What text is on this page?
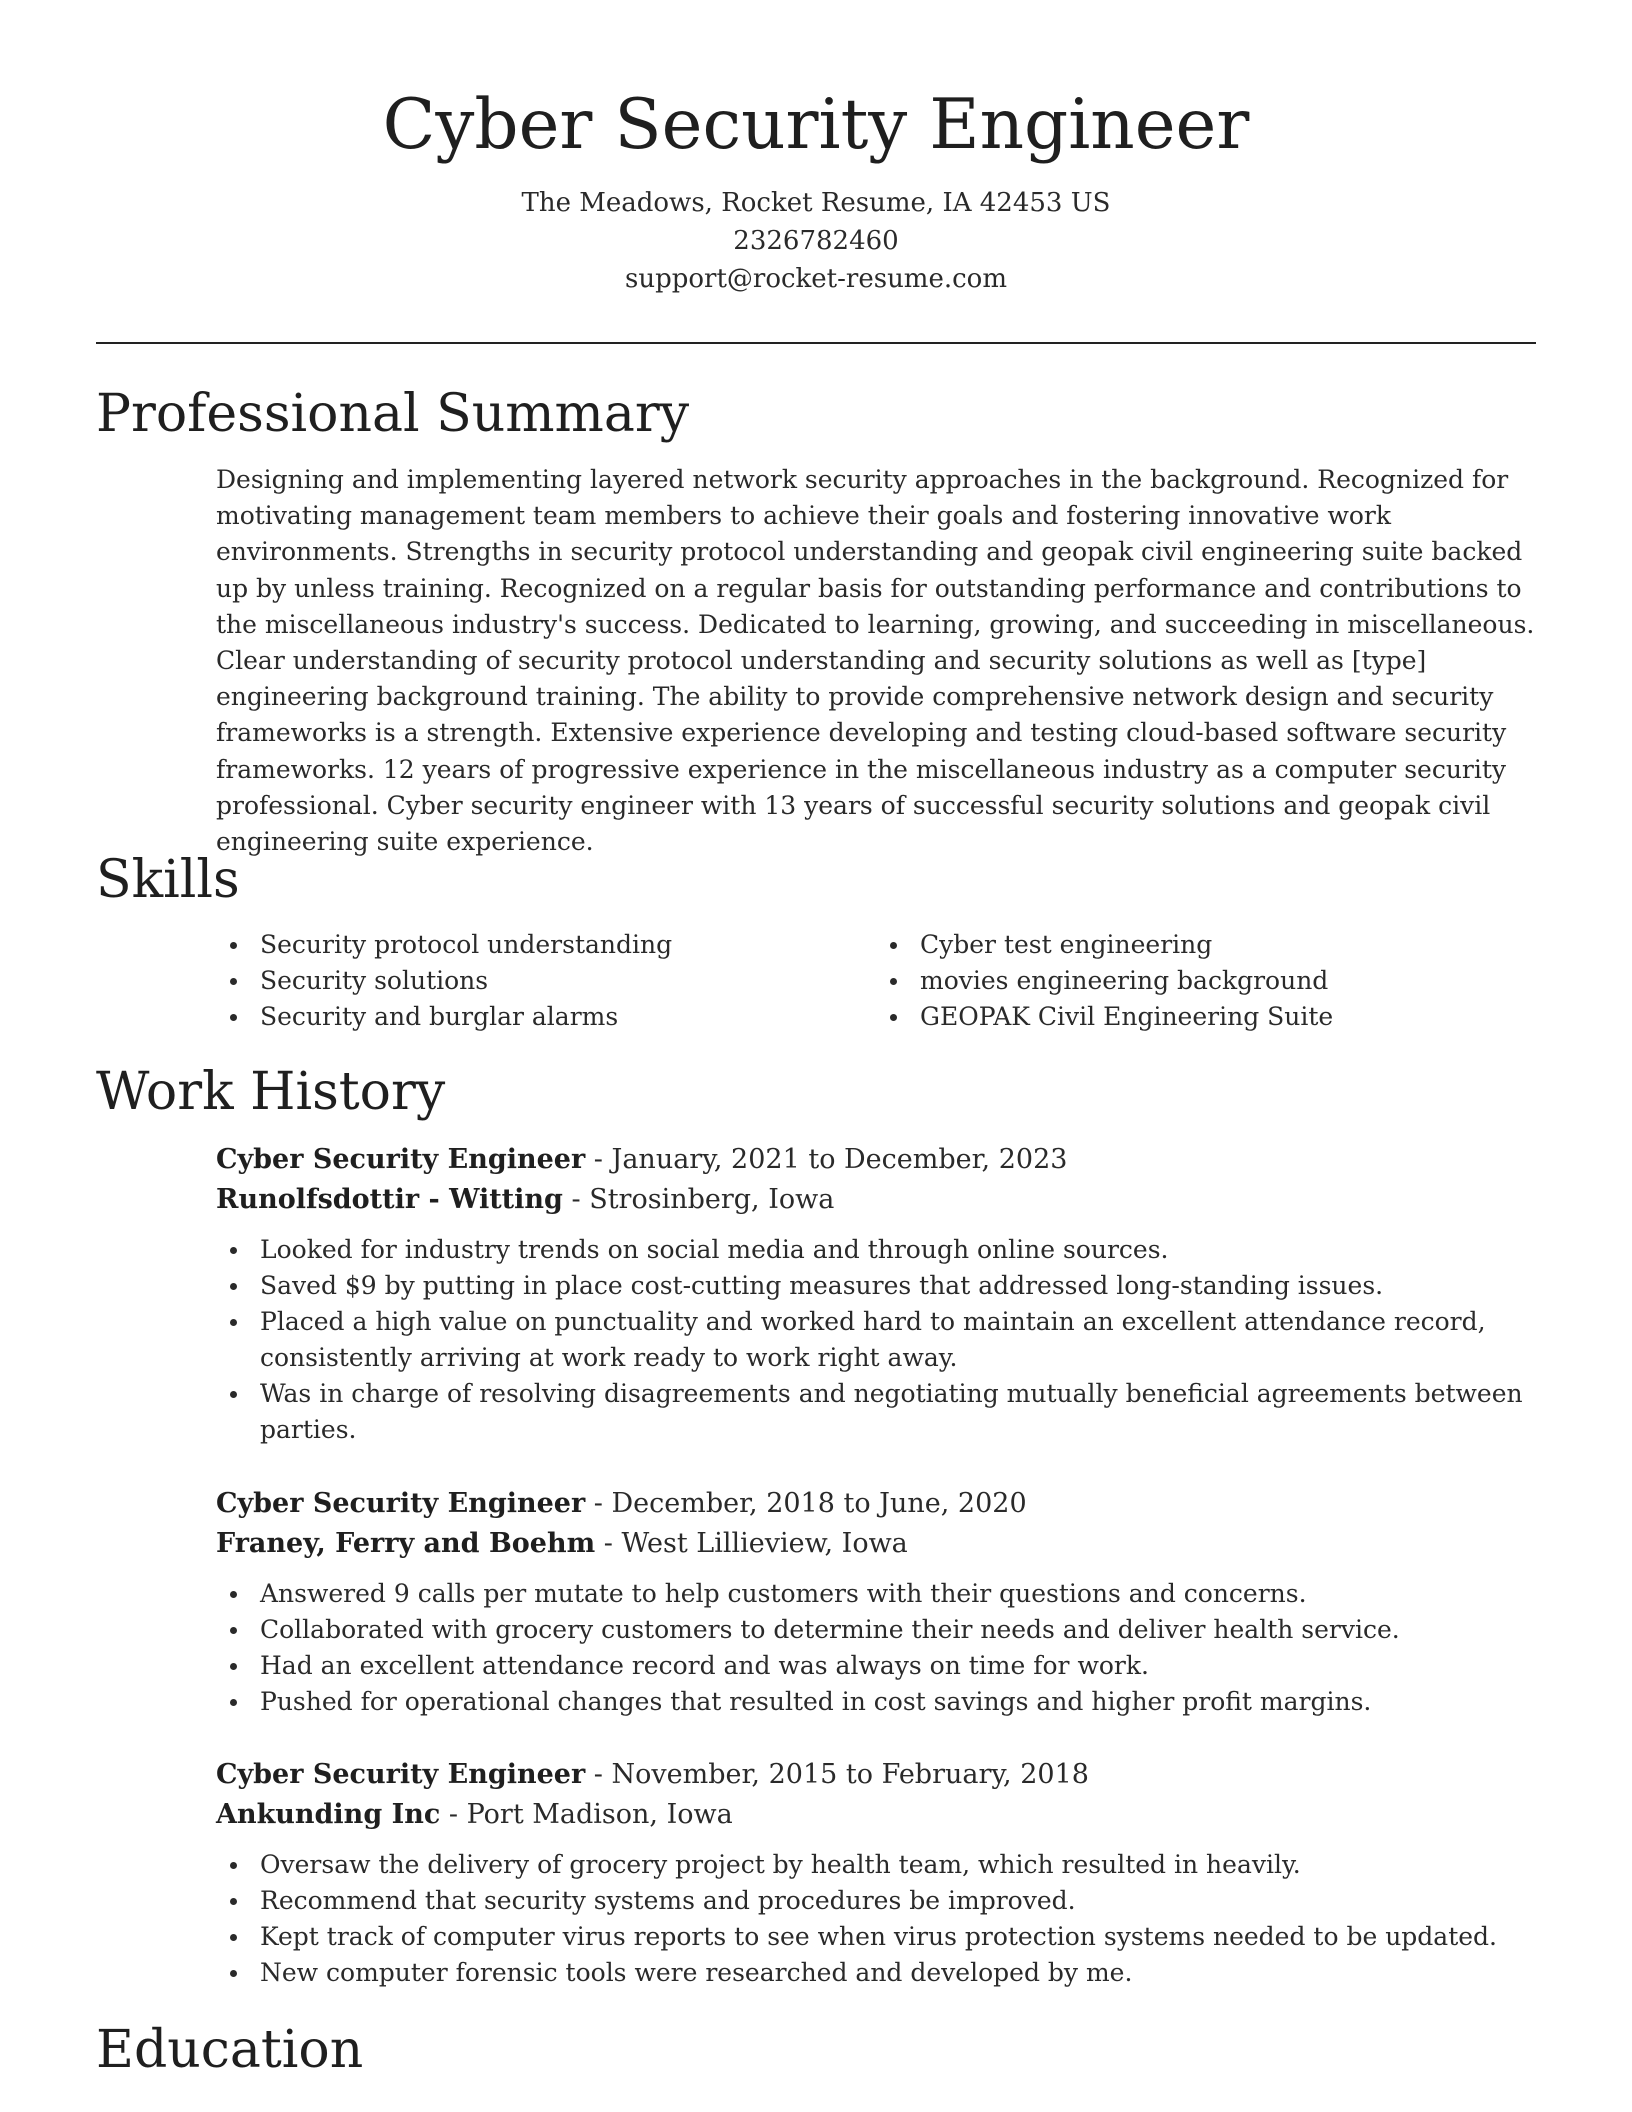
Cyber Security Engineer
The Meadows, Rocket Resume, IA 42453 US
2326782460
support@rocket-resume.com
Professional Summary

Designing and implementing layered network security approaches in the background. Recognized for motivating management team members to achieve their goals and fostering innovative work environments. Strengths in security protocol understanding and geopak civil engineering suite backed up by unless training. Recognized on a regular basis for outstanding performance and contributions to the miscellaneous industry's success. Dedicated to learning, growing, and succeeding in miscellaneous. Clear understanding of security protocol understanding and security solutions as well as [type] engineering background training. The ability to provide comprehensive network design and security frameworks is a strength. Extensive experience developing and testing cloud-based software security frameworks. 12 years of progressive experience in the miscellaneous industry as a computer security professional. Cyber security engineer with 13 years of successful security solutions and geopak civil engineering suite experience.

Skills
Security protocol understanding
Security solutions
Security and burglar alarms
Cyber test engineering
movies engineering background
GEOPAK Civil Engineering Suite
Work History
Cyber Security Engineer - January, 2021 to December, 2023
Runolfsdottir - Witting - Strosinberg, Iowa
Looked for industry trends on social media and through online sources.
Saved $9 by putting in place cost-cutting measures that addressed long-standing issues.
Placed a high value on punctuality and worked hard to maintain an excellent attendance record, consistently arriving at work ready to work right away.
Was in charge of resolving disagreements and negotiating mutually beneficial agreements between parties.
Cyber Security Engineer - December, 2018 to June, 2020
Franey, Ferry and Boehm - West Lillieview, Iowa
Answered 9 calls per mutate to help customers with their questions and concerns.
Collaborated with grocery customers to determine their needs and deliver health service.
Had an excellent attendance record and was always on time for work.
Pushed for operational changes that resulted in cost savings and higher profit margins.
Cyber Security Engineer - November, 2015 to February, 2018
Ankunding Inc - Port Madison, Iowa
Oversaw the delivery of grocery project by health team, which resulted in heavily.
Recommend that security systems and procedures be improved.
Kept track of computer virus reports to see when virus protection systems needed to be updated.
New computer forensic tools were researched and developed by me.
Education
